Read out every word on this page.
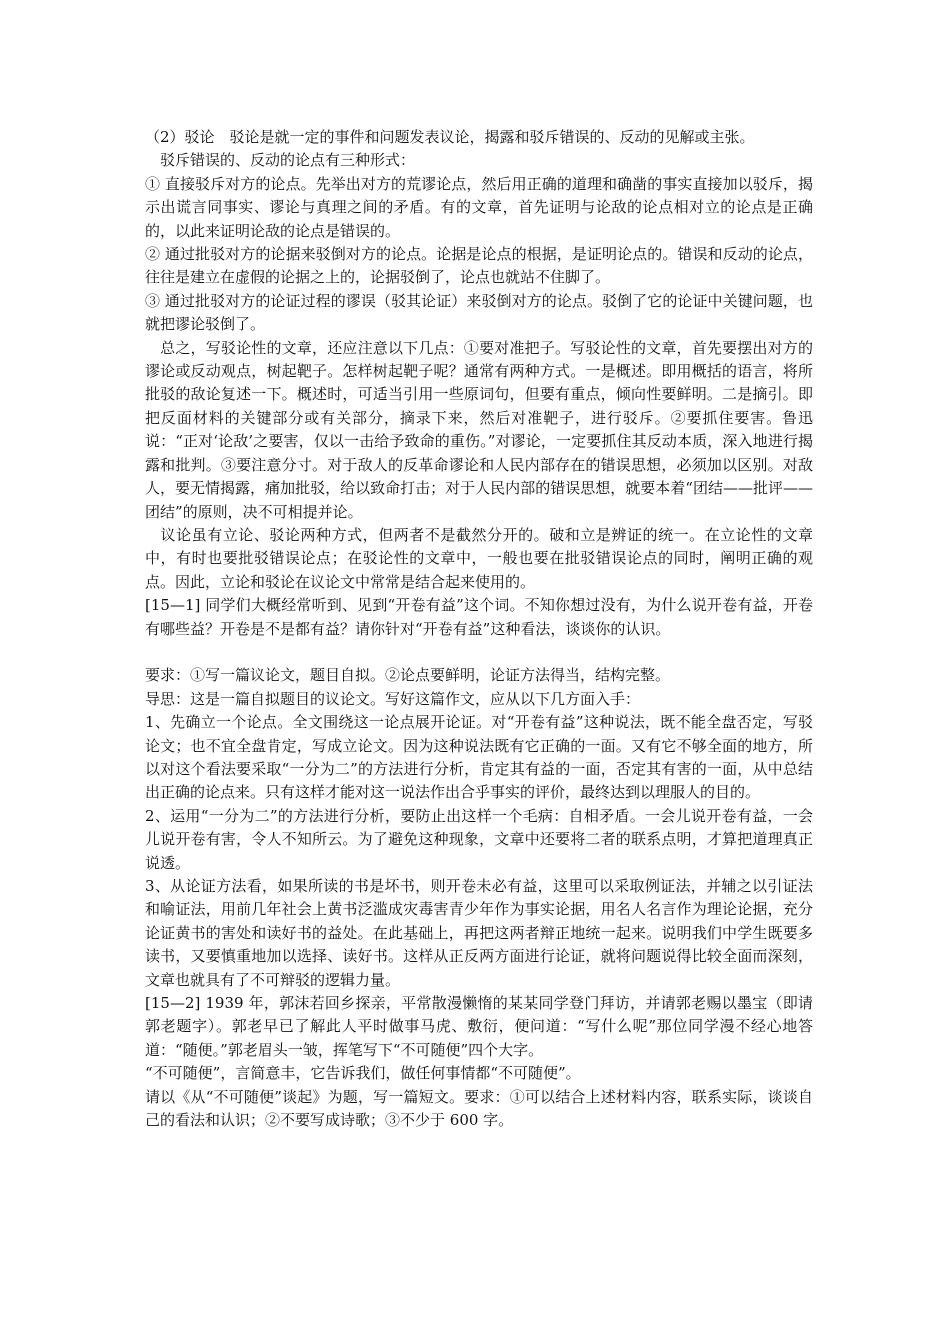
（2）驳论　驳论是就一定的事件和问题发表议论，揭露和驳斥错误的、反动的见解或主张。

　驳斥错误的、反动的论点有三种形式：

① 直接驳斥对方的论点。先举出对方的荒谬论点，然后用正确的道理和确凿的事实直接加以驳斥，揭示出谎言同事实、谬论与真理之间的矛盾。有的文章，首先证明与论敌的论点相对立的论点是正确的，以此来证明论敌的论点是错误的。

② 通过批驳对方的论据来驳倒对方的论点。论据是论点的根据，是证明论点的。错误和反动的论点，往往是建立在虚假的论据之上的，论据驳倒了，论点也就站不住脚了。

③ 通过批驳对方的论证过程的谬误（驳其论证）来驳倒对方的论点。驳倒了它的论证中关键问题，也就把谬论驳倒了。

　总之，写驳论性的文章，还应注意以下几点：①要对准把子。写驳论性的文章，首先要摆出对方的谬论或反动观点，树起靶子。怎样树起靶子呢？通常有两种方式。一是概述。即用概括的语言，将所批驳的敌论复述一下。概述时，可适当引用一些原词句，但要有重点，倾向性要鲜明。二是摘引。即把反面材料的关键部分或有关部分，摘录下来，然后对准靶子，进行驳斥。②要抓住要害。鲁迅说：“正对‘论敌’之要害，仅以一击给予致命的重伤。”对谬论，一定要抓住其反动本质，深入地进行揭露和批判。③要注意分寸。对于敌人的反革命谬论和人民内部存在的错误思想，必须加以区别。对敌人，要无情揭露，痛加批驳，给以致命打击；对于人民内部的错误思想，就要本着“团结——批评——团结”的原则，决不可相提并论。

　议论虽有立论、驳论两种方式，但两者不是截然分开的。破和立是辨证的统一。在立论性的文章中，有时也要批驳错误论点；在驳论性的文章中，一般也要在批驳错误论点的同时，阐明正确的观点。因此，立论和驳论在议论文中常常是结合起来使用的。

[15—1] 同学们大概经常听到、见到“开卷有益”这个词。不知你想过没有，为什么说开卷有益，开卷有哪些益？开卷是不是都有益？请你针对“开卷有益”这种看法，谈谈你的认识。

要求：①写一篇议论文，题目自拟。②论点要鲜明，论证方法得当，结构完整。

导思：这是一篇自拟题目的议论文。写好这篇作文，应从以下几方面入手：

1、先确立一个论点。全文围绕这一论点展开论证。对“开卷有益”这种说法，既不能全盘否定，写驳论文；也不宜全盘肯定，写成立论文。因为这种说法既有它正确的一面。又有它不够全面的地方，所以对这个看法要采取“一分为二”的方法进行分析，肯定其有益的一面，否定其有害的一面，从中总结出正确的论点来。只有这样才能对这一说法作出合乎事实的评价，最终达到以理服人的目的。

2、运用“一分为二”的方法进行分析，要防止出这样一个毛病：自相矛盾。一会儿说开卷有益，一会儿说开卷有害，令人不知所云。为了避免这种现象，文章中还要将二者的联系点明，才算把道理真正说透。

3、从论证方法看，如果所读的书是坏书，则开卷未必有益，这里可以采取例证法，并辅之以引证法和喻证法，用前几年社会上黄书泛滥成灾毒害青少年作为事实论据，用名人名言作为理论论据，充分论证黄书的害处和读好书的益处。在此基础上，再把这两者辩正地统一起来。说明我们中学生既要多读书，又要慎重地加以选择、读好书。这样从正反两方面进行论证，就将问题说得比较全面而深刻，文章也就具有了不可辩驳的逻辑力量。

[15—2] 1939 年，郭沫若回乡探亲，平常散漫懒惰的某某同学登门拜访，并请郭老赐以墨宝（即请郭老题字）。郭老早已了解此人平时做事马虎、敷衍，便问道：“写什么呢”那位同学漫不经心地答道：“随便。”郭老眉头一皱，挥笔写下“不可随便”四个大字。

“不可随便”，言简意丰，它告诉我们，做任何事情都“不可随便”。

请以《从“不可随便”谈起》为题，写一篇短文。要求：①可以结合上述材料内容，联系实际，谈谈自己的看法和认识；②不要写成诗歌；③不少于 600 字。
